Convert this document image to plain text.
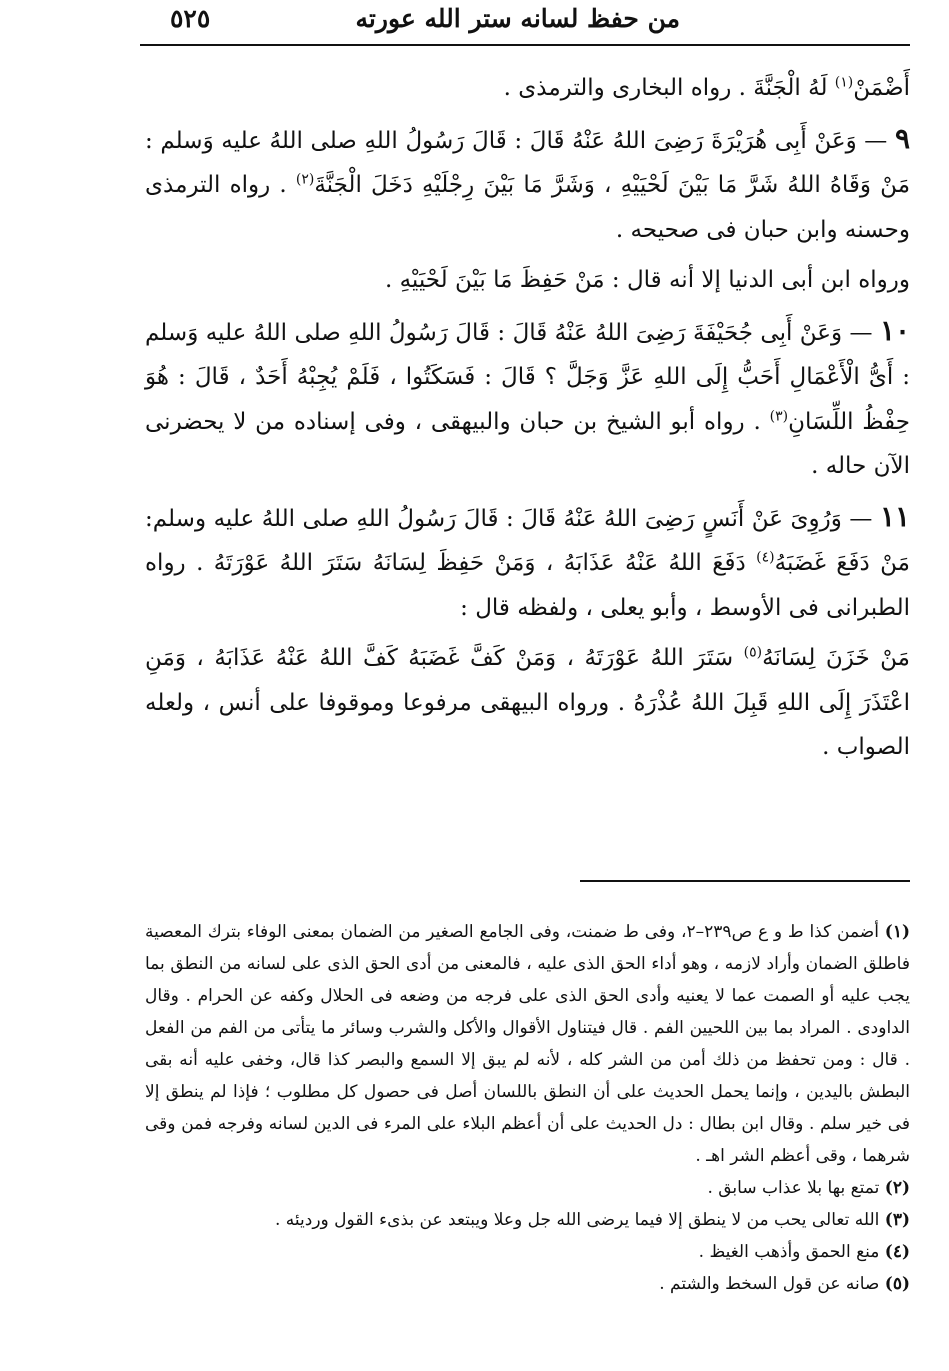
من حفظ لسانه ستر الله عورته
٥٢٥

أَضْمَنْ$^{(١)}$ لَهُ الْجَنَّةَ . رواه البخارى والترمذى .

٩ — وَعَنْ أَبِى هُرَيْرَةَ رَضِىَ اللهُ عَنْهُ قَالَ : قَالَ رَسُولُ اللهِ صلى اللهُ عليه وَسلم : مَنْ وَقَاهُ اللهُ شَرَّ مَا بَيْنَ لَحْيَيْهِ ، وَشَرَّ مَا بَيْنَ رِجْلَيْهِ دَخَلَ الْجَنَّةَ$^{(٢)}$ . رواه الترمذى وحسنه وابن حبان فى صحيحه .

ورواه ابن أبى الدنيا إلا أنه قال : مَنْ حَفِظَ مَا بَيْنَ لَحْيَيْهِ .

١٠ — وَعَنْ أَبِى جُحَيْفَةَ رَضِىَ اللهُ عَنْهُ قَالَ : قَالَ رَسُولُ اللهِ صلى اللهُ عليه وَسلم : أَىُّ الْأَعْمَالِ أَحَبُّ إِلَى اللهِ عَزَّ وَجَلَّ ؟ قَالَ : فَسَكَتُوا ، فَلَمْ يُجِبْهُ أَحَدٌ ، قَالَ : هُوَ حِفْظُ اللِّسَانِ$^{(٣)}$ . رواه أبو الشيخ بن حبان والبيهقى ، وفى إسناده من لا يحضرنى الآن حاله .

١١ — وَرُوِىَ عَنْ أَنَسٍ رَضِىَ اللهُ عَنْهُ قَالَ : قَالَ رَسُولُ اللهِ صلى اللهُ عليه وسلم: مَنْ دَفَعَ غَضَبَهُ$^{(٤)}$ دَفَعَ اللهُ عَنْهُ عَذَابَهُ ، وَمَنْ حَفِظَ لِسَانَهُ سَتَرَ اللهُ عَوْرَتَهُ . رواه الطبرانى فى الأوسط ، وأبو يعلى ، ولفظه قال :

مَنْ خَزَنَ لِسَانَهُ$^{(٥)}$ سَتَرَ اللهُ عَوْرَتَهُ ، وَمَنْ كَفَّ غَضَبَهُ كَفَّ اللهُ عَنْهُ عَذَابَهُ ، وَمَنِ اعْتَذَرَ إِلَى اللهِ قَبِلَ اللهُ عُذْرَهُ . ورواه البيهقى مرفوعا وموقوفا على أنس ، ولعله الصواب .

(١) أضمن كذا ط و ع ص٢٣٩–٢، وفى ط ضمنت، وفى الجامع الصغير من الضمان بمعنى الوفاء بترك المعصية فاطلق الضمان وأراد لازمه ، وهو أداء الحق الذى عليه ، فالمعنى من أدى الحق الذى على لسانه من النطق بما يجب عليه أو الصمت عما لا يعنيه وأدى الحق الذى على فرجه من وضعه فى الحلال وكفه عن الحرام . وقال الداودى . المراد بما بين اللحيين الفم . قال فيتناول الأقوال والأكل والشرب وسائر ما يتأتى من الفم من الفعل . قال : ومن تحفظ من ذلك أمن من الشر كله ، لأنه لم يبق إلا السمع والبصر كذا قال، وخفى عليه أنه بقى البطش باليدين ، وإنما يحمل الحديث على أن النطق باللسان أصل فى حصول كل مطلوب ؛ فإذا لم ينطق إلا فى خير سلم . وقال ابن بطال : دل الحديث على أن أعظم البلاء على المرء فى الدين لسانه وفرجه فمن وقى شرهما ، وقى أعظم الشر اهـ .

(٢) تمتع بها بلا عذاب سابق .

(٣) الله تعالى يحب من لا ينطق إلا فيما يرضى الله جل وعلا ويبتعد عن بذىء القول ورديئه .

(٤) منع الحمق وأذهب الغيظ .

(٥) صانه عن قول السخط والشتم .
